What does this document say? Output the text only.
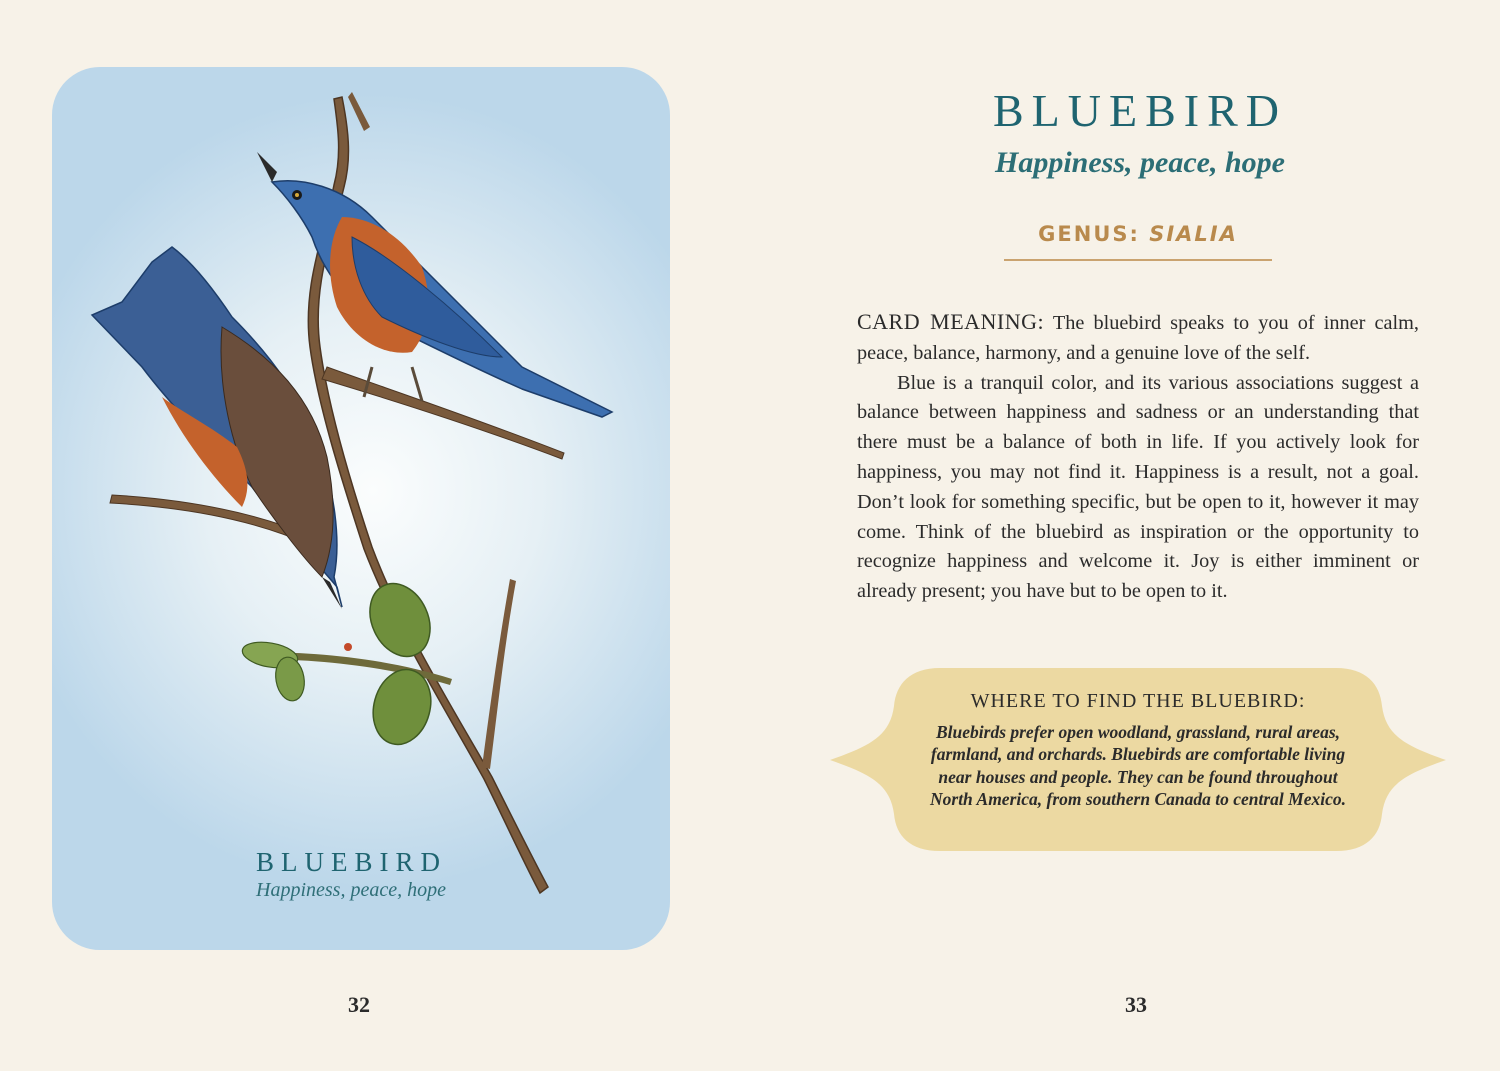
BLUEBIRD
Happiness, peace, hope
32
BLUEBIRD
Happiness, peace, hope
GENUS: SIALIA

CARD MEANING: The bluebird speaks to you of inner calm, peace, balance, harmony, and a genuine love of the self.

Blue is a tranquil color, and its various associations suggest a balance between happiness and sadness or an understanding that there must be a balance of both in life. If you actively look for happiness, you may not find it. Happiness is a result, not a goal. Don’t look for something specific, but be open to it, however it may come. Think of the bluebird as inspiration or the opportunity to recognize happiness and welcome it. Joy is either imminent or already present; you have but to be open to it.

WHERE TO FIND THE BLUEBIRD:
Bluebirds prefer open woodland, grassland, rural areas, farmland, and orchards. Bluebirds are comfortable living near houses and people. They can be found throughout North America, from southern Canada to central Mexico.
33
